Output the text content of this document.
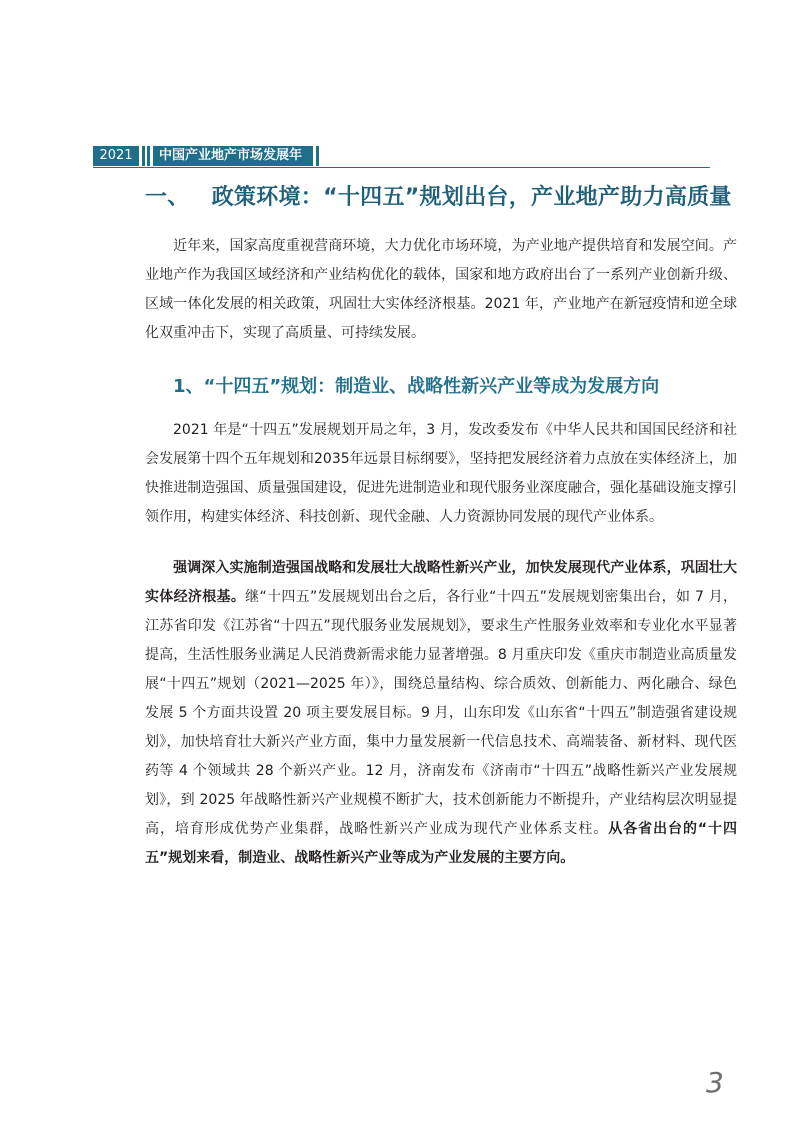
2021	中国产业地产市场发展年报
一、 政策环境：“十四五”规划出台，产业地产助力高质量

近年来，国家高度重视营商环境，大力优化市场环境，为产业地产提供培育和发展空间。产业地产作为我国区域经济和产业结构优化的载体，国家和地方政府出台了一系列产业创新升级、区域一体化发展的相关政策，巩固壮大实体经济根基。2021 年，产业地产在新冠疫情和逆全球化双重冲击下，实现了高质量、可持续发展。

1、“十四五”规划：制造业、战略性新兴产业等成为发展方向

2021 年是“十四五”发展规划开局之年，3 月，发改委发布《中华人民共和国国民经济和社会发展第十四个五年规划和2035年远景目标纲要》，坚持把发展经济着力点放在实体经济上，加快推进制造强国、质量强国建设，促进先进制造业和现代服务业深度融合，强化基础设施支撑引领作用，构建实体经济、科技创新、现代金融、人力资源协同发展的现代产业体系。

强调深入实施制造强国战略和发展壮大战略性新兴产业，加快发展现代产业体系，巩固壮大实体经济根基。继“十四五”发展规划出台之后，各行业“十四五”发展规划密集出台，如 7 月，江苏省印发《江苏省“十四五”现代服务业发展规划》，要求生产性服务业效率和专业化水平显著提高，生活性服务业满足人民消费新需求能力显著增强。8 月重庆印发《重庆市制造业高质量发展“十四五”规划（2021—2025 年）》，围绕总量结构、综合质效、创新能力、两化融合、绿色发展 5 个方面共设置 20 项主要发展目标。9 月，山东印发《山东省“十四五”制造强省建设规划》，加快培育壮大新兴产业方面，集中力量发展新一代信息技术、高端装备、新材料、现代医药等 4 个领域共 28 个新兴产业。12 月，济南发布《济南市“十四五”战略性新兴产业发展规划》，到 2025 年战略性新兴产业规模不断扩大，技术创新能力不断提升，产业结构层次明显提高，培育形成优势产业集群，战略性新兴产业成为现代产业体系支柱。从各省出台的“十四五”规划来看，制造业、战略性新兴产业等成为产业发展的主要方向。

3
